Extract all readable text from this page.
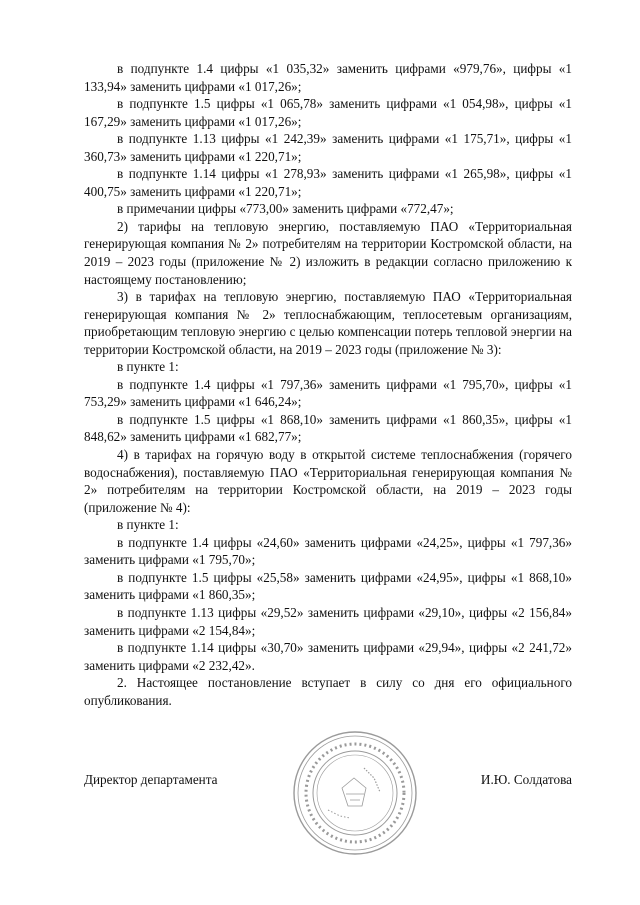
в подпункте 1.4 цифры «1 035,32» заменить цифрами «979,76», цифры «1 133,94» заменить цифрами «1 017,26»;

в подпункте 1.5 цифры «1 065,78» заменить цифрами «1 054,98», цифры «1 167,29» заменить цифрами «1 017,26»;

в подпункте 1.13 цифры «1 242,39» заменить цифрами «1 175,71», цифры «1 360,73» заменить цифрами «1 220,71»;

в подпункте 1.14 цифры «1 278,93» заменить цифрами «1 265,98», цифры «1 400,75» заменить цифрами «1 220,71»;

в примечании цифры «773,00» заменить цифрами «772,47»;

2) тарифы на тепловую энергию, поставляемую ПАО «Территориальная генерирующая компания № 2» потребителям на территории Костромской области, на 2019 – 2023 годы (приложение № 2) изложить в редакции согласно приложению к настоящему постановлению;

3) в тарифах на тепловую энергию, поставляемую ПАО «Территориальная генерирующая компания № 2» теплоснабжающим, теплосетевым организациям, приобретающим тепловую энергию с целью компенсации потерь тепловой энергии на территории Костромской области, на 2019 – 2023 годы (приложение № 3):

в пункте 1:

в подпункте 1.4 цифры «1 797,36» заменить цифрами «1 795,70», цифры «1 753,29» заменить цифрами «1 646,24»;

в подпункте 1.5 цифры «1 868,10» заменить цифрами «1 860,35», цифры «1 848,62» заменить цифрами «1 682,77»;

4) в тарифах на горячую воду в открытой системе теплоснабжения (горячего водоснабжения), поставляемую ПАО «Территориальная генерирующая компания № 2» потребителям на территории Костромской области, на 2019 – 2023 годы (приложение № 4):

в пункте 1:

в подпункте 1.4 цифры «24,60» заменить цифрами «24,25», цифры «1 797,36» заменить цифрами «1 795,70»;

в подпункте 1.5 цифры «25,58» заменить цифрами «24,95», цифры «1 868,10» заменить цифрами «1 860,35»;

в подпункте 1.13 цифры «29,52» заменить цифрами «29,10», цифры «2 156,84» заменить цифрами «2 154,84»;

в подпункте 1.14 цифры «30,70» заменить цифрами «29,94», цифры «2 241,72» заменить цифрами «2 232,42».

2. Настоящее постановление вступает в силу со дня его официального опубликования.

Директор департамента	И.Ю. Солдатова
